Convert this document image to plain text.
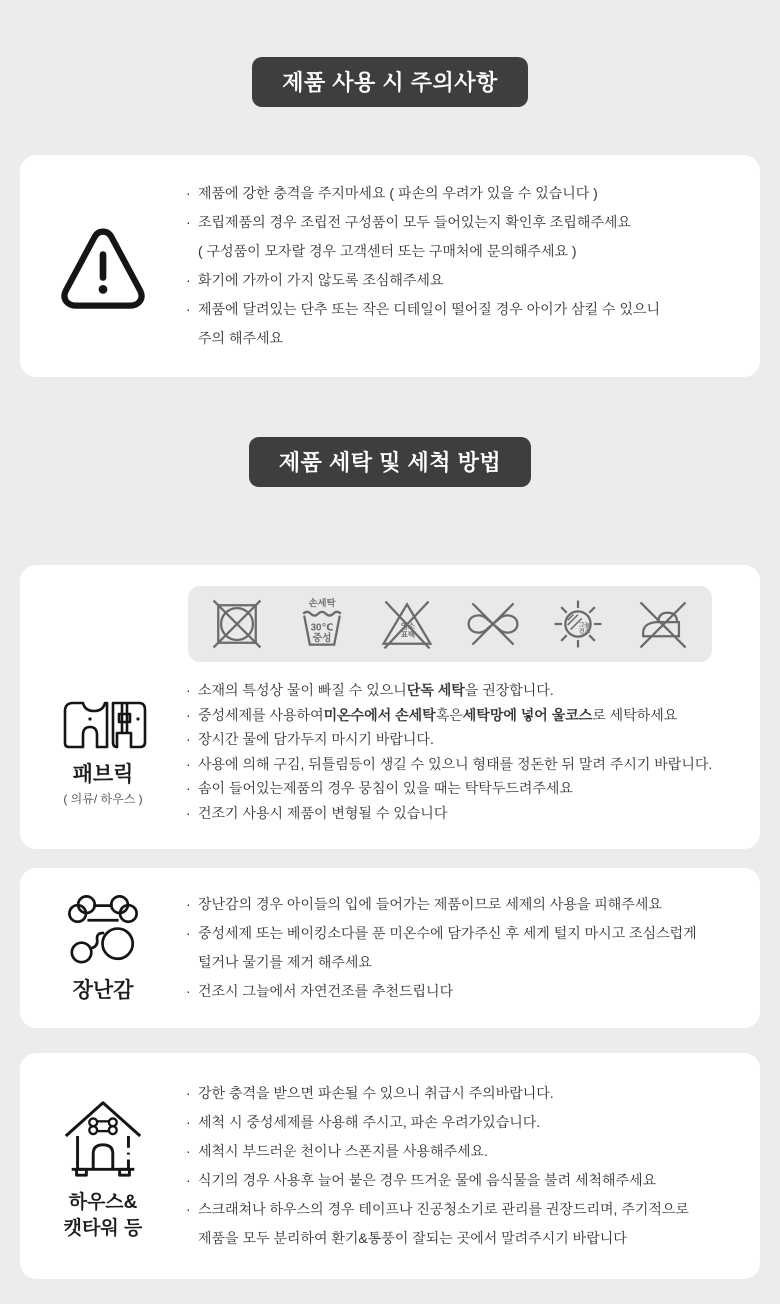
제품 사용 시 주의사항
· 제품에 강한 충격을 주지마세요 ( 파손의 우려가 있을 수 있습니다 )
· 조립제품의 경우 조립전 구성품이 모두 들어있는지 확인후 조립해주세요
( 구성품이 모자랄 경우 고객센터 또는 구매처에 문의해주세요 )
· 화기에 가까이 가지 않도록 조심해주세요
· 제품에 달려있는 단추 또는 작은 디테일이 떨어질 경우 아이가 삼킬 수 있으니
주의 해주세요
제품 세탁 및 세척 방법
손세탁
30℃
중성
염소
표백
그늘
건조
패브릭
( 의류/ 하우스 )
· 소재의 특성상 물이 빠질 수 있으니 단독 세탁 을 권장합니다.
· 중성세제를 사용하여 미온수에서 손세탁 혹은 세탁망에 넣어 울코스 로 세탁하세요
· 장시간 물에 담가두지 마시기 바랍니다.
· 사용에 의해 구김, 뒤틀림등이 생길 수 있으니 형태를 정돈한 뒤 말려 주시기 바랍니다.
· 솜이 들어있는제품의 경우 뭉침이 있을 때는 탁탁두드려주세요
· 건조기 사용시 제품이 변형될 수 있습니다
장난감
· 장난감의 경우 아이들의 입에 들어가는 제품이므로 세제의 사용을 피해주세요
· 중성세제 또는 베이킹소다를 푼 미온수에 담가주신 후 세게 털지 마시고 조심스럽게
털거나 물기를 제거 해주세요
· 건조시 그늘에서 자연건조를 추천드립니다
하우스&
캣타워 등
· 강한 충격을 받으면 파손될 수 있으니 취급시 주의바랍니다.
· 세척 시 중성세제를 사용해 주시고, 파손 우려가있습니다.
· 세척시 부드러운 천이나 스폰지를 사용해주세요.
· 식기의 경우 사용후 늘어 붙은 경우 뜨거운 물에 음식물을 불려 세척해주세요
· 스크래쳐나 하우스의 경우 테이프나 진공청소기로 관리를 권장드리며, 주기적으로
제품을 모두 분리하여 환기&통풍이 잘되는 곳에서 말려주시기 바랍니다
